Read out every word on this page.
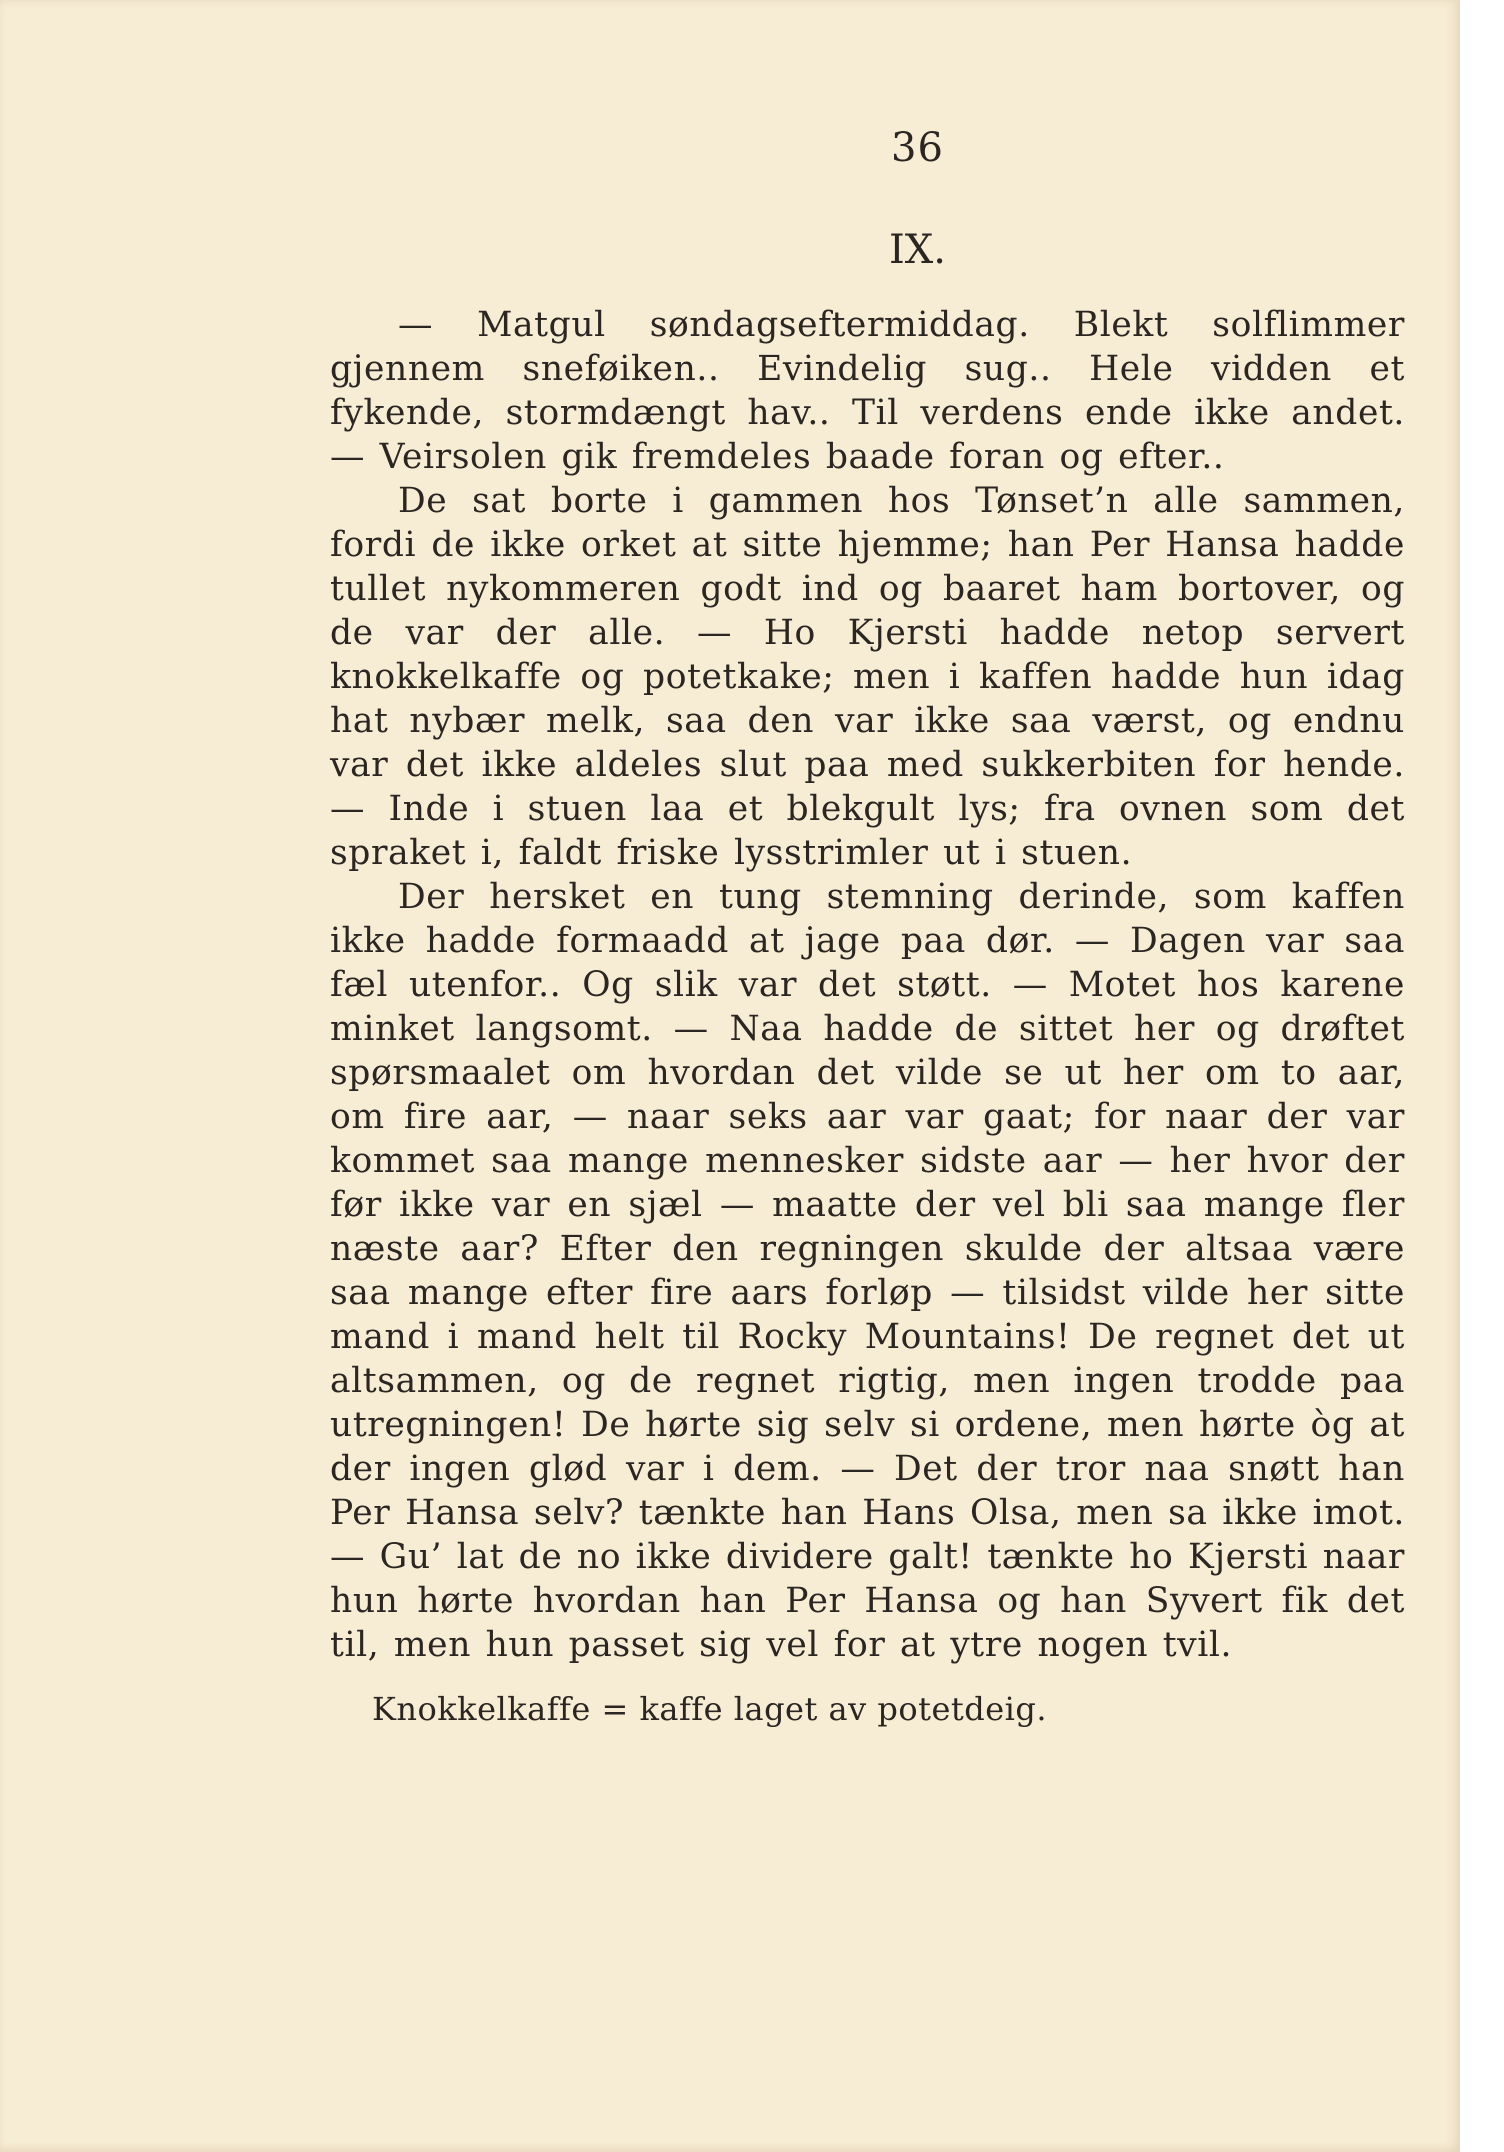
36
IX.

— Matgul søndagseftermiddag. Blekt solflimmer gjennem sneføiken.. Evindelig sug.. Hele vidden et fykende, stormdængt hav.. Til verdens ende ikke andet. — Veirsolen gik fremdeles baade foran og efter..

De sat borte i gammen hos Tønset’n alle sammen, fordi de ikke orket at sitte hjemme; han Per Hansa hadde tullet nykommeren godt ind og baaret ham bortover, og de var der alle. — Ho Kjersti hadde netop servert knokkelkaffe og potetkake; men i kaffen hadde hun idag hat nybær melk, saa den var ikke saa værst, og endnu var det ikke aldeles slut paa med sukkerbiten for hende. — Inde i stuen laa et blekgult lys; fra ovnen som det spraket i, faldt friske lysstrimler ut i stuen.

Der hersket en tung stemning derinde, som kaffen ikke hadde formaadd at jage paa dør. — Dagen var saa fæl utenfor.. Og slik var det støtt. — Motet hos karene minket langsomt. — Naa hadde de sittet her og drøftet spørsmaalet om hvordan det vilde se ut her om to aar, om fire aar, — naar seks aar var gaat; for naar der var kommet saa mange mennesker sidste aar — her hvor der før ikke var en sjæl — maatte der vel bli saa mange fler næste aar? Efter den regningen skulde der altsaa være saa mange efter fire aars forløp — tilsidst vilde her sitte mand i mand helt til Rocky Mountains! De regnet det ut altsammen, og de regnet rigtig, men ingen trodde paa utregningen! De hørte sig selv si ordene, men hørte òg at der ingen glød var i dem. — Det der tror naa snøtt han Per Hansa selv? tænkte han Hans Olsa, men sa ikke imot. — Gu’ lat de no ikke dividere galt! tænkte ho Kjersti naar hun hørte hvordan han Per Hansa og han Syvert fik det til, men hun passet sig vel for at ytre nogen tvil.

Knokkelkaffe = kaffe laget av potetdeig.
